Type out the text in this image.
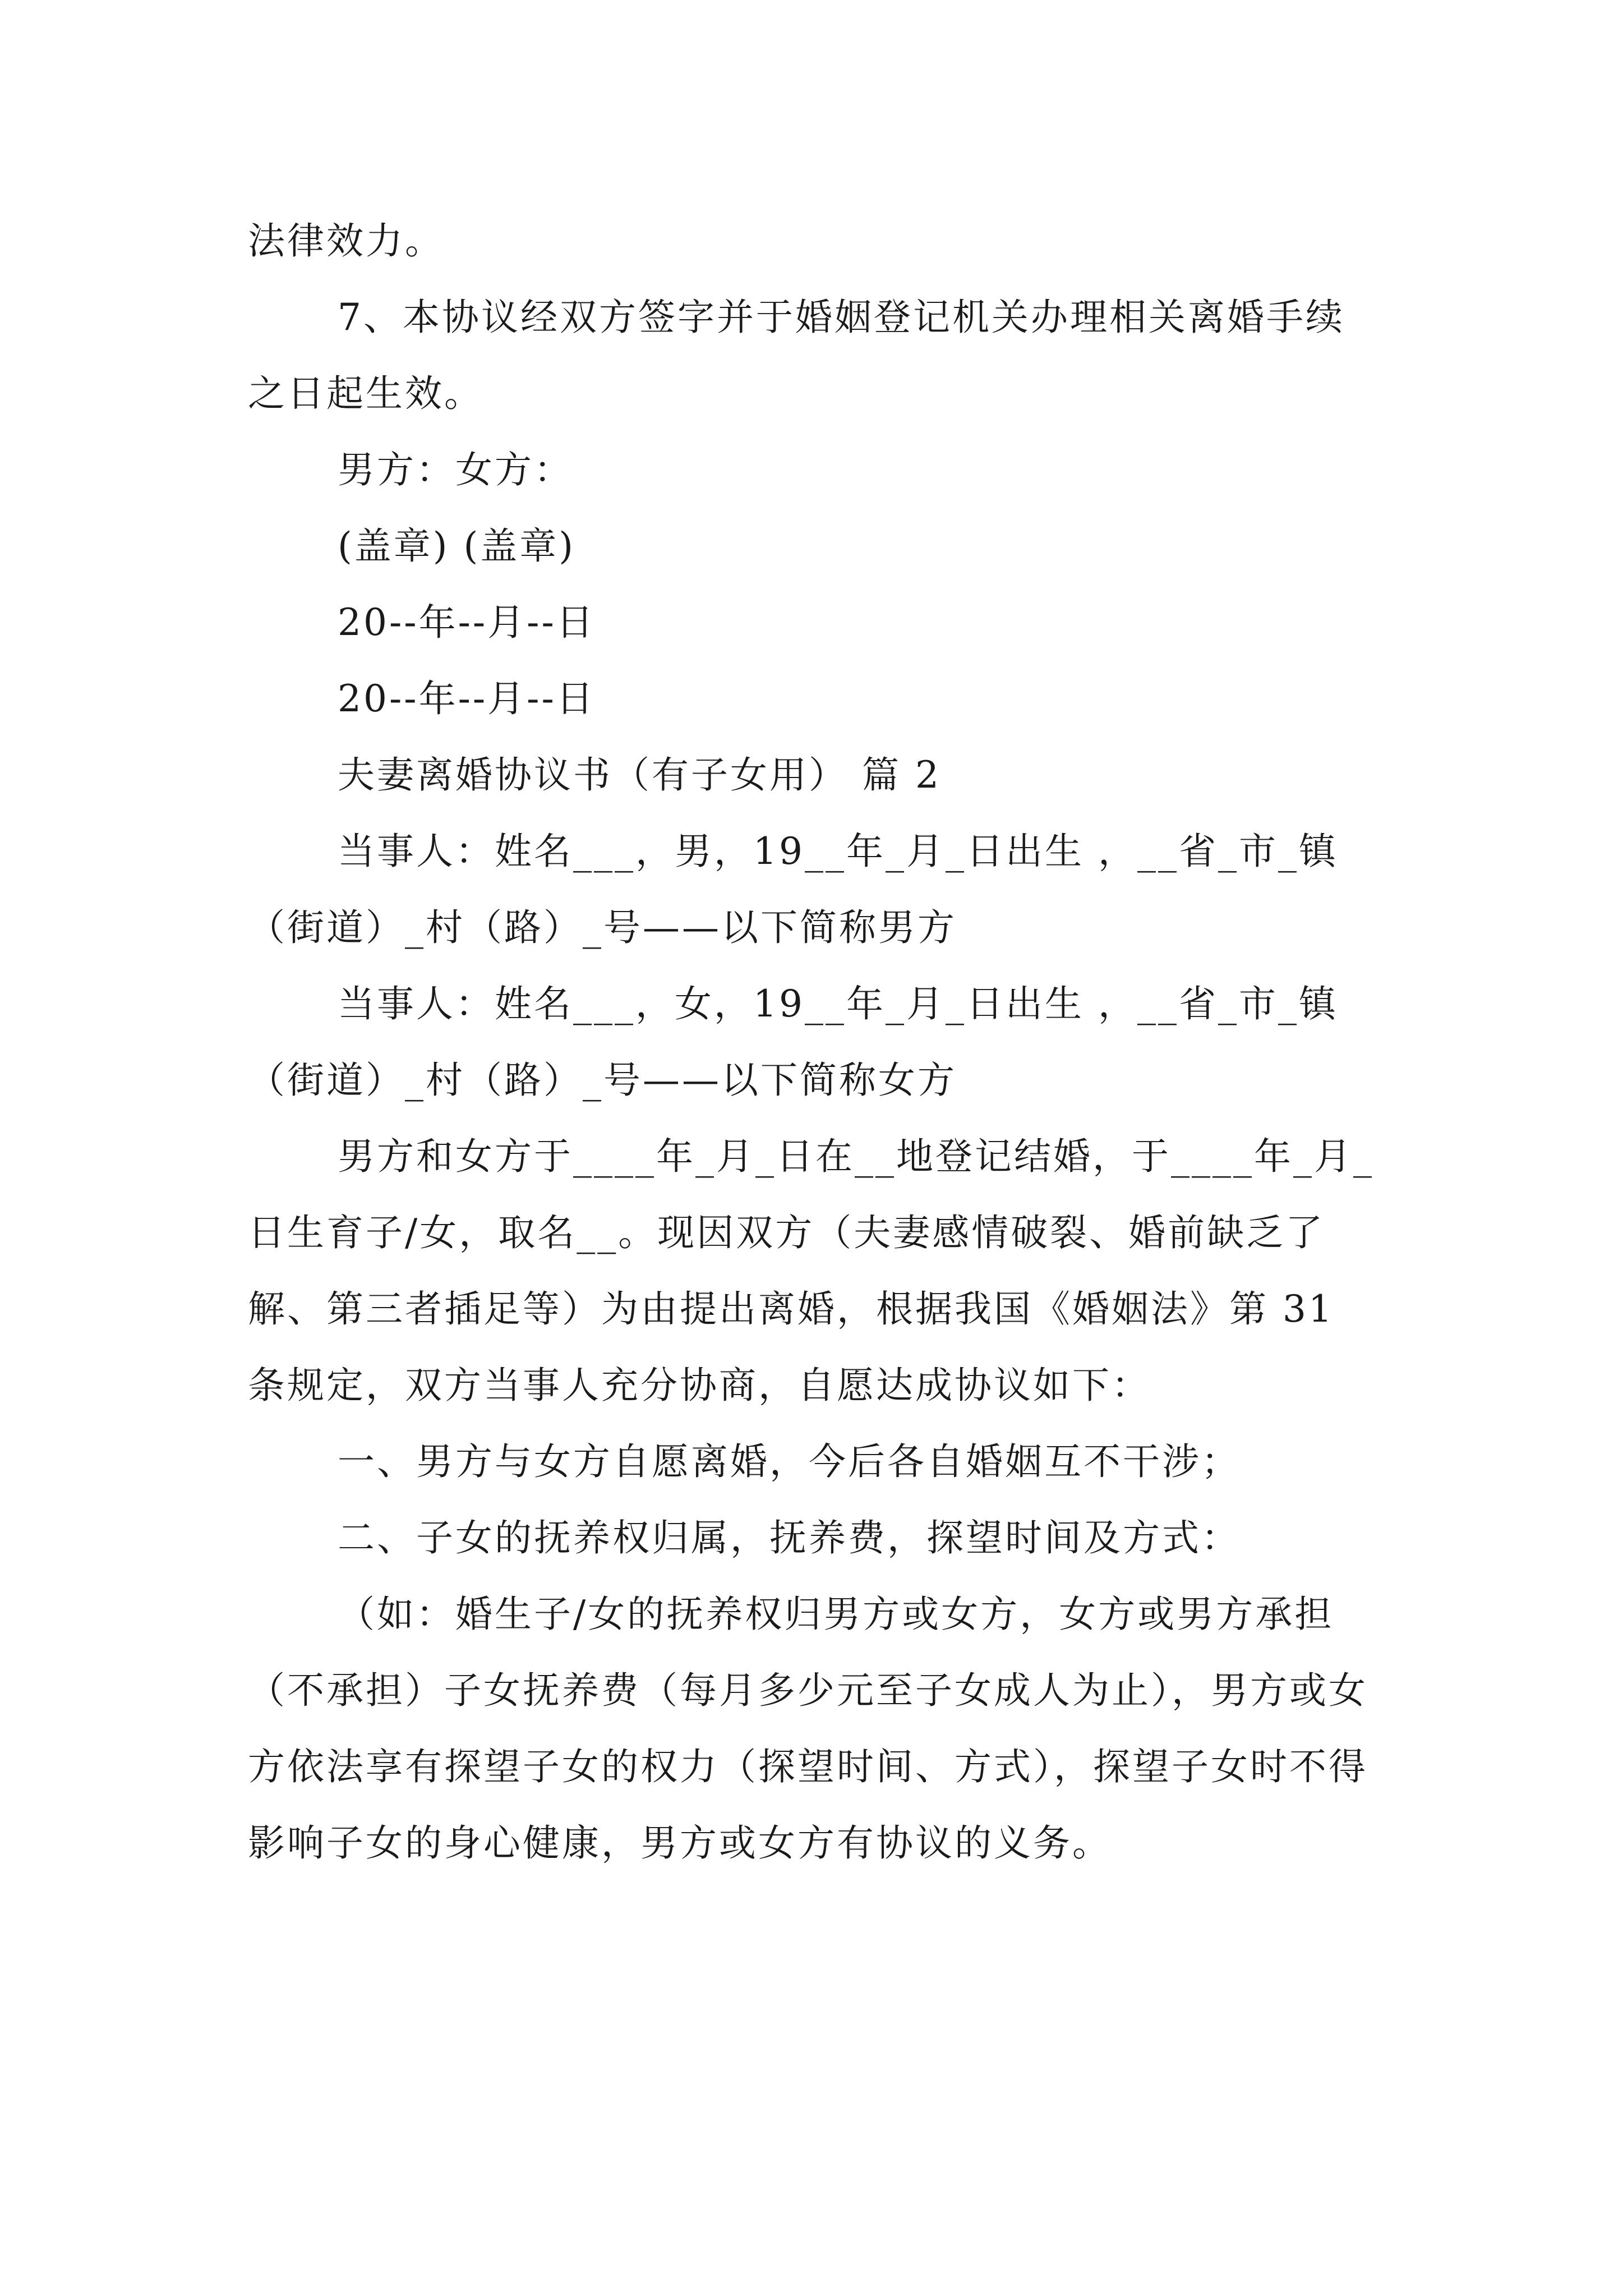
法律效力。

7、本协议经双方签字并于婚姻登记机关办理相关离婚手续之日起生效。

男方：女方：

(盖章) (盖章)

20--年--月--日

20--年--月--日

夫妻离婚协议书（有子女用） 篇 2

当事人：姓名___，男，19__年_月_日出生 ，__省_市_镇（街道）_村（路）_号——以下简称男方

当事人：姓名___，女，19__年_月_日出生 ，__省_市_镇（街道）_村（路）_号——以下简称女方

男方和女方于____年_月_日在__地登记结婚，于____年_月_日生育子/女，取名__。现因双方（夫妻感情破裂、婚前缺乏了解、第三者插足等）为由提出离婚，根据我国《婚姻法》第 31 条规定，双方当事人充分协商，自愿达成协议如下：

一、男方与女方自愿离婚，今后各自婚姻互不干涉；

二、子女的抚养权归属，抚养费，探望时间及方式：

（如：婚生子/女的抚养权归男方或女方，女方或男方承担（不承担）子女抚养费（每月多少元至子女成人为止），男方或女方依法享有探望子女的权力（探望时间、方式），探望子女时不得影响子女的身心健康，男方或女方有协议的义务。
